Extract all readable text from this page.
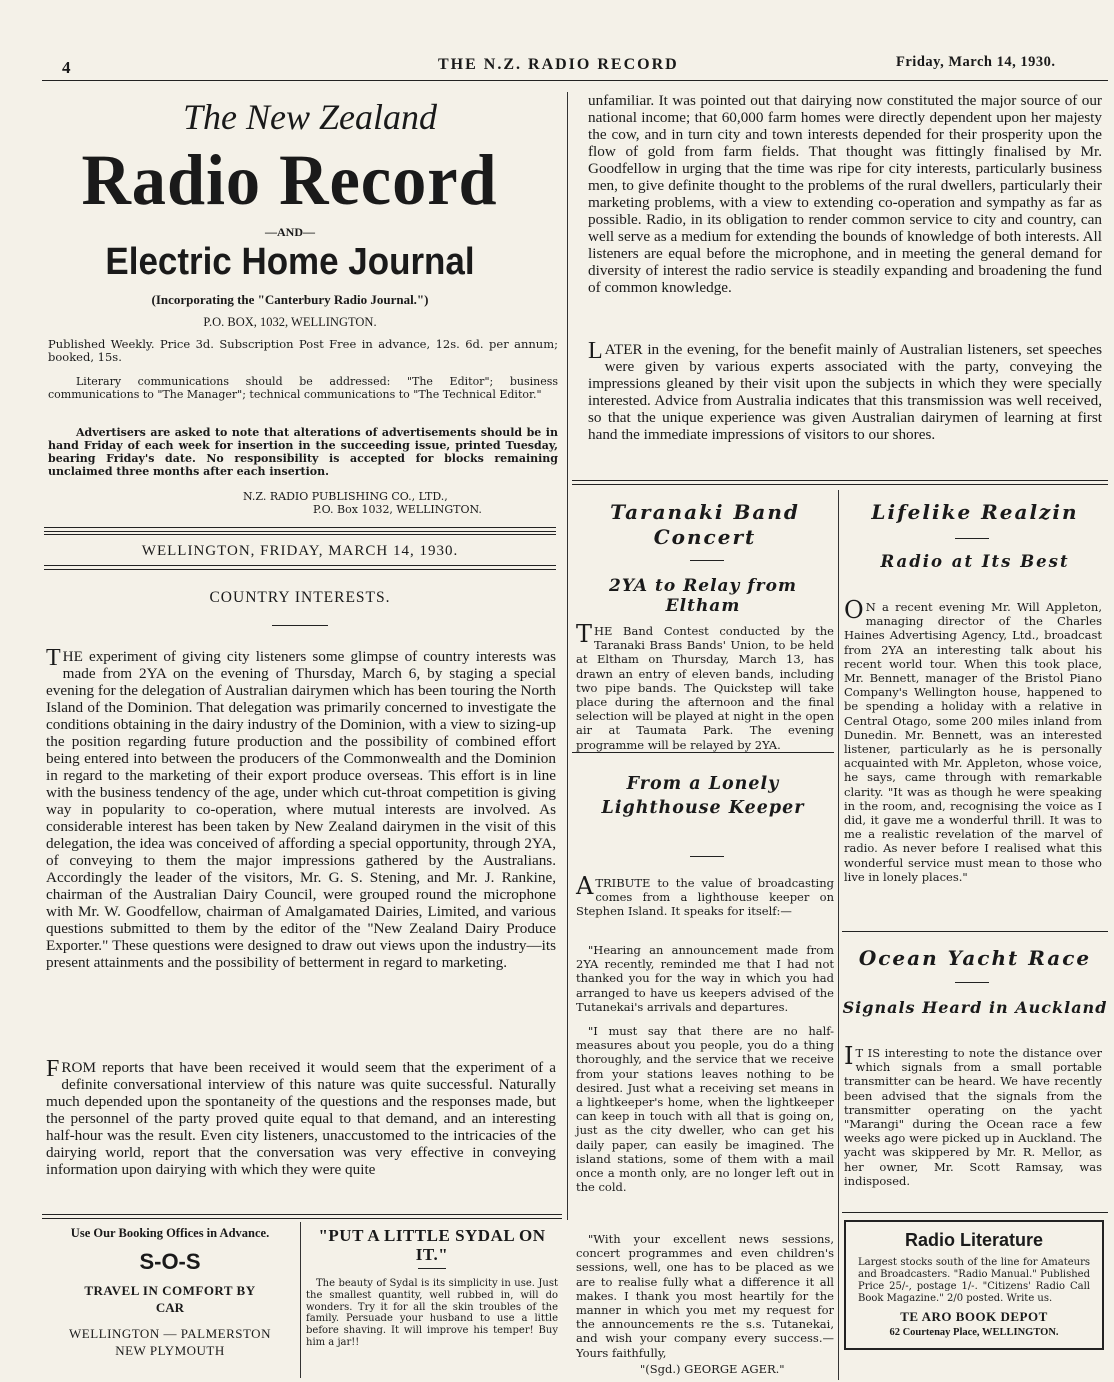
4	THE N.Z. RADIO RECORD	Friday, March 14, 1930.
The New Zealand
Radio Record
—AND—
Electric Home Journal
(Incorporating the "Canterbury Radio Journal.")
P.O. BOX, 1032, WELLINGTON.

Published Weekly. Price 3d. Subscription Post Free in advance, 12s. 6d. per annum; booked, 15s.

Literary communications should be addressed: "The Editor"; business communications to "The Manager"; technical communications to "The Technical Editor."

Advertisers are asked to note that alterations of advertisements should be in hand Friday of each week for insertion in the succeeding issue, printed Tuesday, bearing Friday's date. No responsibility is accepted for blocks remaining unclaimed three months after each insertion.

N.Z. RADIO PUBLISHING CO., LTD.,
P.O. Box 1032, WELLINGTON.
WELLINGTON, FRIDAY, MARCH 14, 1930.
COUNTRY INTERESTS.

THE experiment of giving city listeners some glimpse of country interests was made from 2YA on the evening of Thursday, March 6, by staging a special evening for the delegation of Australian dairymen which has been touring the North Island of the Dominion. That delegation was primarily concerned to investigate the conditions obtaining in the dairy industry of the Dominion, with a view to sizing-up the position regarding future production and the possibility of combined effort being entered into between the producers of the Commonwealth and the Dominion in regard to the marketing of their export produce overseas. This effort is in line with the business tendency of the age, under which cut-throat competition is giving way in popularity to co-operation, where mutual interests are involved. As considerable interest has been taken by New Zealand dairymen in the visit of this delegation, the idea was conceived of affording a special opportunity, through 2YA, of conveying to them the major impressions gathered by the Australians. Accordingly the leader of the visitors, Mr. G. S. Stening, and Mr. J. Rankine, chairman of the Australian Dairy Council, were grouped round the microphone with Mr. W. Goodfellow, chairman of Amalgamated Dairies, Limited, and various questions submitted to them by the editor of the "New Zealand Dairy Produce Exporter." These questions were designed to draw out views upon the industry—its present attainments and the possibility of betterment in regard to marketing.

FROM reports that have been received it would seem that the experiment of a definite conversational interview of this nature was quite successful. Naturally much depended upon the spontaneity of the questions and the responses made, but the personnel of the party proved quite equal to that demand, and an interesting half-hour was the result. Even city listeners, unaccustomed to the intricacies of the dairying world, report that the conversation was very effective in conveying information upon dairying with which they were quite

unfamiliar. It was pointed out that dairying now constituted the major source of our national income; that 60,000 farm homes were directly dependent upon her majesty the cow, and in turn city and town interests depended for their prosperity upon the flow of gold from farm fields. That thought was fittingly finalised by Mr. Goodfellow in urging that the time was ripe for city interests, particularly business men, to give definite thought to the problems of the rural dwellers, particularly their marketing problems, with a view to extending co-operation and sympathy as far as possible. Radio, in its obligation to render common service to city and country, can well serve as a medium for extending the bounds of knowledge of both interests. All listeners are equal before the microphone, and in meeting the general demand for diversity of interest the radio service is steadily expanding and broadening the fund of common knowledge.

LATER in the evening, for the benefit mainly of Australian listeners, set speeches were given by various experts associated with the party, conveying the impressions gleaned by their visit upon the subjects in which they were specially interested. Advice from Australia indicates that this transmission was well received, so that the unique experience was given Australian dairymen of learning at first hand the immediate impressions of visitors to our shores.

Taranaki Band Concert

2YA to Relay from Eltham

THE Band Contest conducted by the Taranaki Brass Bands' Union, to be held at Eltham on Thursday, March 13, has drawn an entry of eleven bands, including two pipe bands. The Quickstep will take place during the afternoon and the final selection will be played at night in the open air at Taumata Park. The evening programme will be relayed by 2YA.

From a Lonely Lighthouse Keeper

ATRIBUTE to the value of broadcasting comes from a lighthouse keeper on Stephen Island. It speaks for itself:—

"Hearing an announcement made from 2YA recently, reminded me that I had not thanked you for the way in which you had arranged to have us keepers advised of the Tutanekai's arrivals and departures.

"I must say that there are no half-measures about you people, you do a thing thoroughly, and the service that we receive from your stations leaves nothing to be desired. Just what a receiving set means in a lightkeeper's home, when the lightkeeper can keep in touch with all that is going on, just as the city dweller, who can get his daily paper, can easily be imagined. The island stations, some of them with a mail once a month only, are no longer left out in the cold.

"With your excellent news sessions, concert programmes and even children's sessions, well, one has to be placed as we are to realise fully what a difference it all makes. I thank you most heartily for the manner in which you met my request for the announcements re the s.s. Tutanekai, and wish your company every success.—Yours faithfully,

"(Sgd.) GEORGE AGER."

Lifelike Realzin

Radio at Its Best

O N a recent evening Mr. Will Appleton, managing director of the Charles Haines Advertising Agency, Ltd., broadcast from 2YA an interesting talk about his recent world tour. When this took place, Mr. Bennett, manager of the Bristol Piano Company's Wellington house, happened to be spending a holiday with a relative in Central Otago, some 200 miles inland from Dunedin. Mr. Bennett, was an interested listener, particularly as he is personally acquainted with Mr. Appleton, whose voice, he says, came through with remarkable clarity. "It was as though he were speaking in the room, and, recognising the voice as I did, it gave me a wonderful thrill. It was to me a realistic revelation of the marvel of radio. As never before I realised what this wonderful service must mean to those who live in lonely places."

Ocean Yacht Race

Signals Heard in Auckland

I T IS interesting to note the distance over which signals from a small portable transmitter can be heard. We have recently been advised that the signals from the transmitter operating on the yacht "Marangi" during the Ocean race a few weeks ago were picked up in Auckland. The yacht was skippered by Mr. R. Mellor, as her owner, Mr. Scott Ramsay, was indisposed.

Use Our Booking Offices in Advance.
S-O-S
TRAVEL IN COMFORT BY
CAR
WELLINGTON — PALMERSTON
NEW PLYMOUTH
"PUT A LITTLE SYDAL ON IT."

The beauty of Sydal is its simplicity in use. Just the smallest quantity, well rubbed in, will do wonders. Try it for all the skin troubles of the family. Persuade your husband to use a little before shaving. It will improve his temper! Buy him a jar!!

Radio Literature

Largest stocks south of the line for Amateurs and Broadcasters. "Radio Manual." Published Price 25/-, postage 1/-. "Citizens' Radio Call Book Magazine." 2/0 posted. Write us.

TE ARO BOOK DEPOT
62 Courtenay Place, WELLINGTON.
